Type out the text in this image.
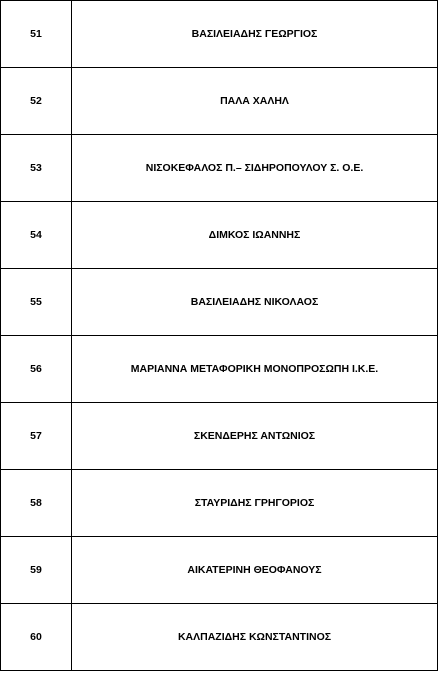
51	ΒΑΣΙΛΕΙΑΔΗΣ ΓΕΩΡΓΙΟΣ
52	ΠΑΛΑ ΧΑΛΗΛ
53	ΝΙΣΟΚΕΦΑΛΟΣ Π.– ΣΙΔΗΡΟΠΟΥΛΟΥ Σ. Ο.Ε.
54	ΔΙΜΚΟΣ ΙΩΑΝΝΗΣ
55	ΒΑΣΙΛΕΙΑΔΗΣ ΝΙΚΟΛΑΟΣ
56	ΜΑΡΙΑΝΝΑ ΜΕΤΑΦΟΡΙΚΗ ΜΟΝΟΠΡΟΣΩΠΗ Ι.Κ.Ε.
57	ΣΚΕΝΔΕΡΗΣ ΑΝΤΩΝΙΟΣ
58	ΣΤΑΥΡΙΔΗΣ ΓΡΗΓΟΡΙΟΣ
59	ΑΙΚΑΤΕΡΙΝΗ ΘΕΟΦΑΝΟΥΣ
60	ΚΑΛΠΑΖΙΔΗΣ ΚΩΝΣΤΑΝΤΙΝΟΣ
